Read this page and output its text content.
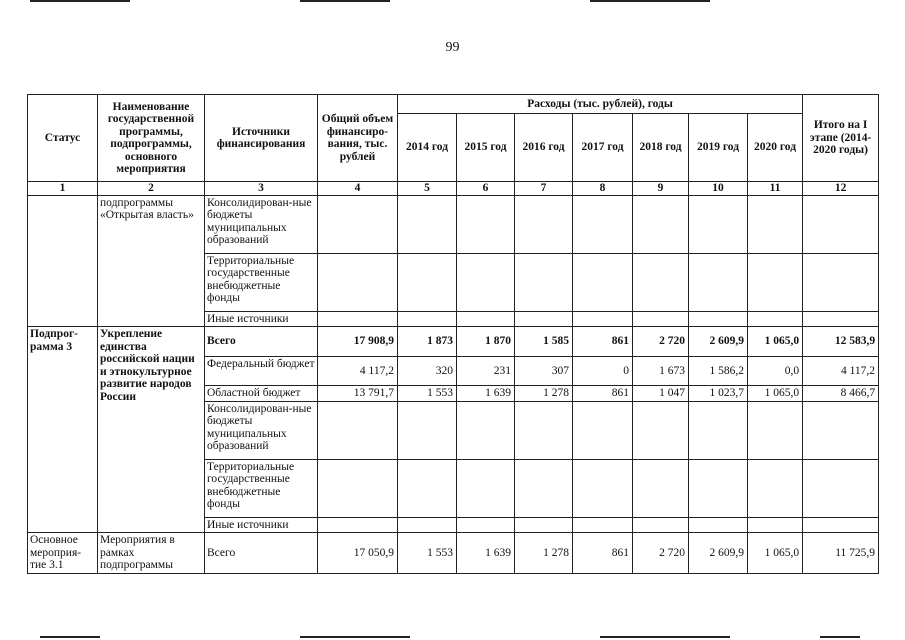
99
Статус	Наименование государственной программы, подпрограммы, основного мероприятия	Источники финансирования	Общий объем финансиро-вания, тыс. рублей	Расходы (тыс. рублей), годы							Итого на I этапе (2014-2020 годы)
				2014 год	2015 год	2016 год	2017 год	2018 год	2019 год	2020 год	
1	2	3	4	5	6	7	8	9	10	11	12
	подпрограммы «Открытая власть»	Консолидирован-ные бюджеты муниципальных образований									
		Территориальные государственные внебюджетные фонды									
		Иные источники									
Подпрог-рамма 3	Укрепление единства российской нации и этнокультурное развитие народов России	Всего	17 908,9	1 873	1 870	1 585	861	2 720	2 609,9	1 065,0	12 583,9
		Федеральный бюджет	4 117,2	320	231	307	0	1 673	1 586,2	0,0	4 117,2
		Областной бюджет	13 791,7	1 553	1 639	1 278	861	1 047	1 023,7	1 065,0	8 466,7
		Консолидирован-ные бюджеты муниципальных образований									
		Территориальные государственные внебюджетные фонды									
		Иные источники									
Основное мероприя-тие 3.1	Мероприятия в рамках подпрограммы	Всего	17 050,9	1 553	1 639	1 278	861	2 720	2 609,9	1 065,0	11 725,9
